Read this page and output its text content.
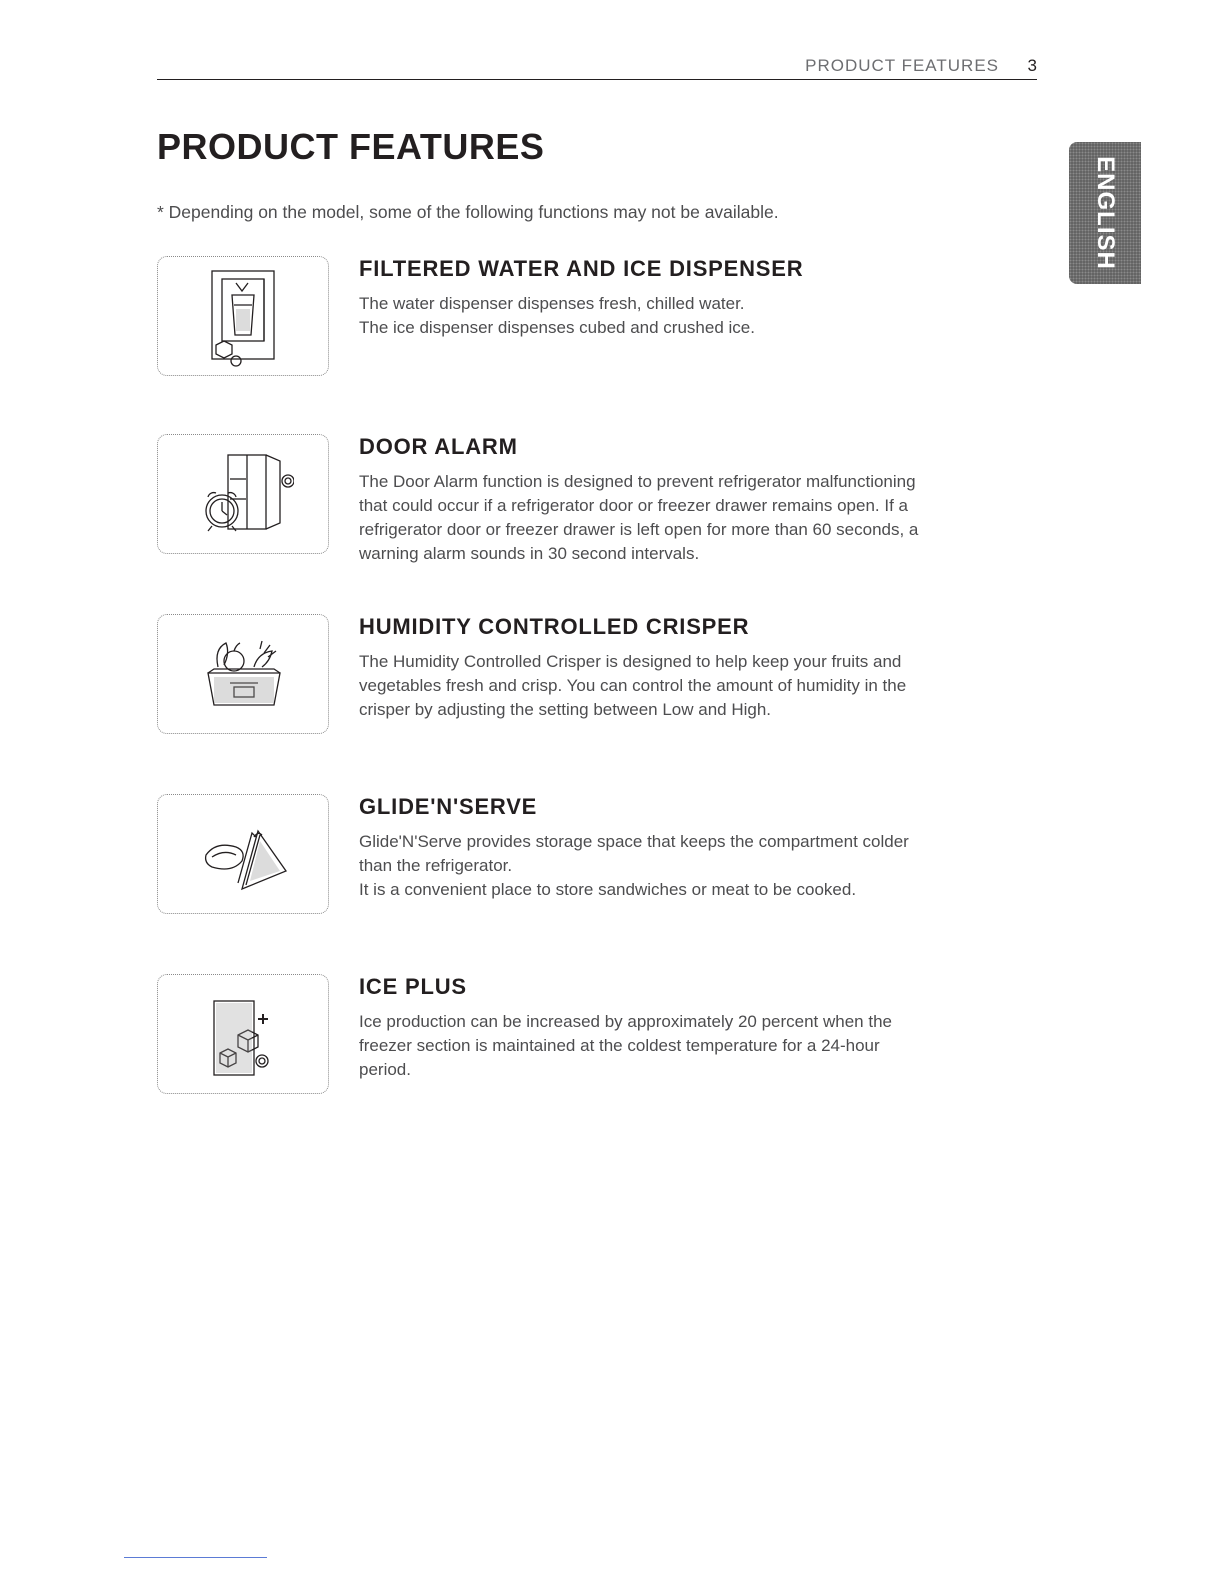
PRODUCT FEATURES 3
PRODUCT FEATURES

* Depending on the model, some of the following functions may not be available.	ENGLISH
FILTERED WATER AND ICE DISPENSER
The water dispenser dispenses fresh, chilled water.
The ice dispenser dispenses cubed and crushed ice.
DOOR ALARM
The Door Alarm function is designed to prevent refrigerator malfunctioning
that could occur if a refrigerator door or freezer drawer remains open. If a
refrigerator door or freezer drawer is left open for more than 60 seconds, a
warning alarm sounds in 30 second intervals.
HUMIDITY CONTROLLED CRISPER
The Humidity Controlled Crisper is designed to help keep your fruits and
vegetables fresh and crisp. You can control the amount of humidity in the
crisper by adjusting the setting between Low and High.
GLIDE'N'SERVE
Glide'N'Serve provides storage space that keeps the compartment colder
than the refrigerator.
It is a convenient place to store sandwiches or meat to be cooked.
ICE PLUS
Ice production can be increased by approximately 20 percent when the
freezer section is maintained at the coldest temperature for a 24-hour
period.
